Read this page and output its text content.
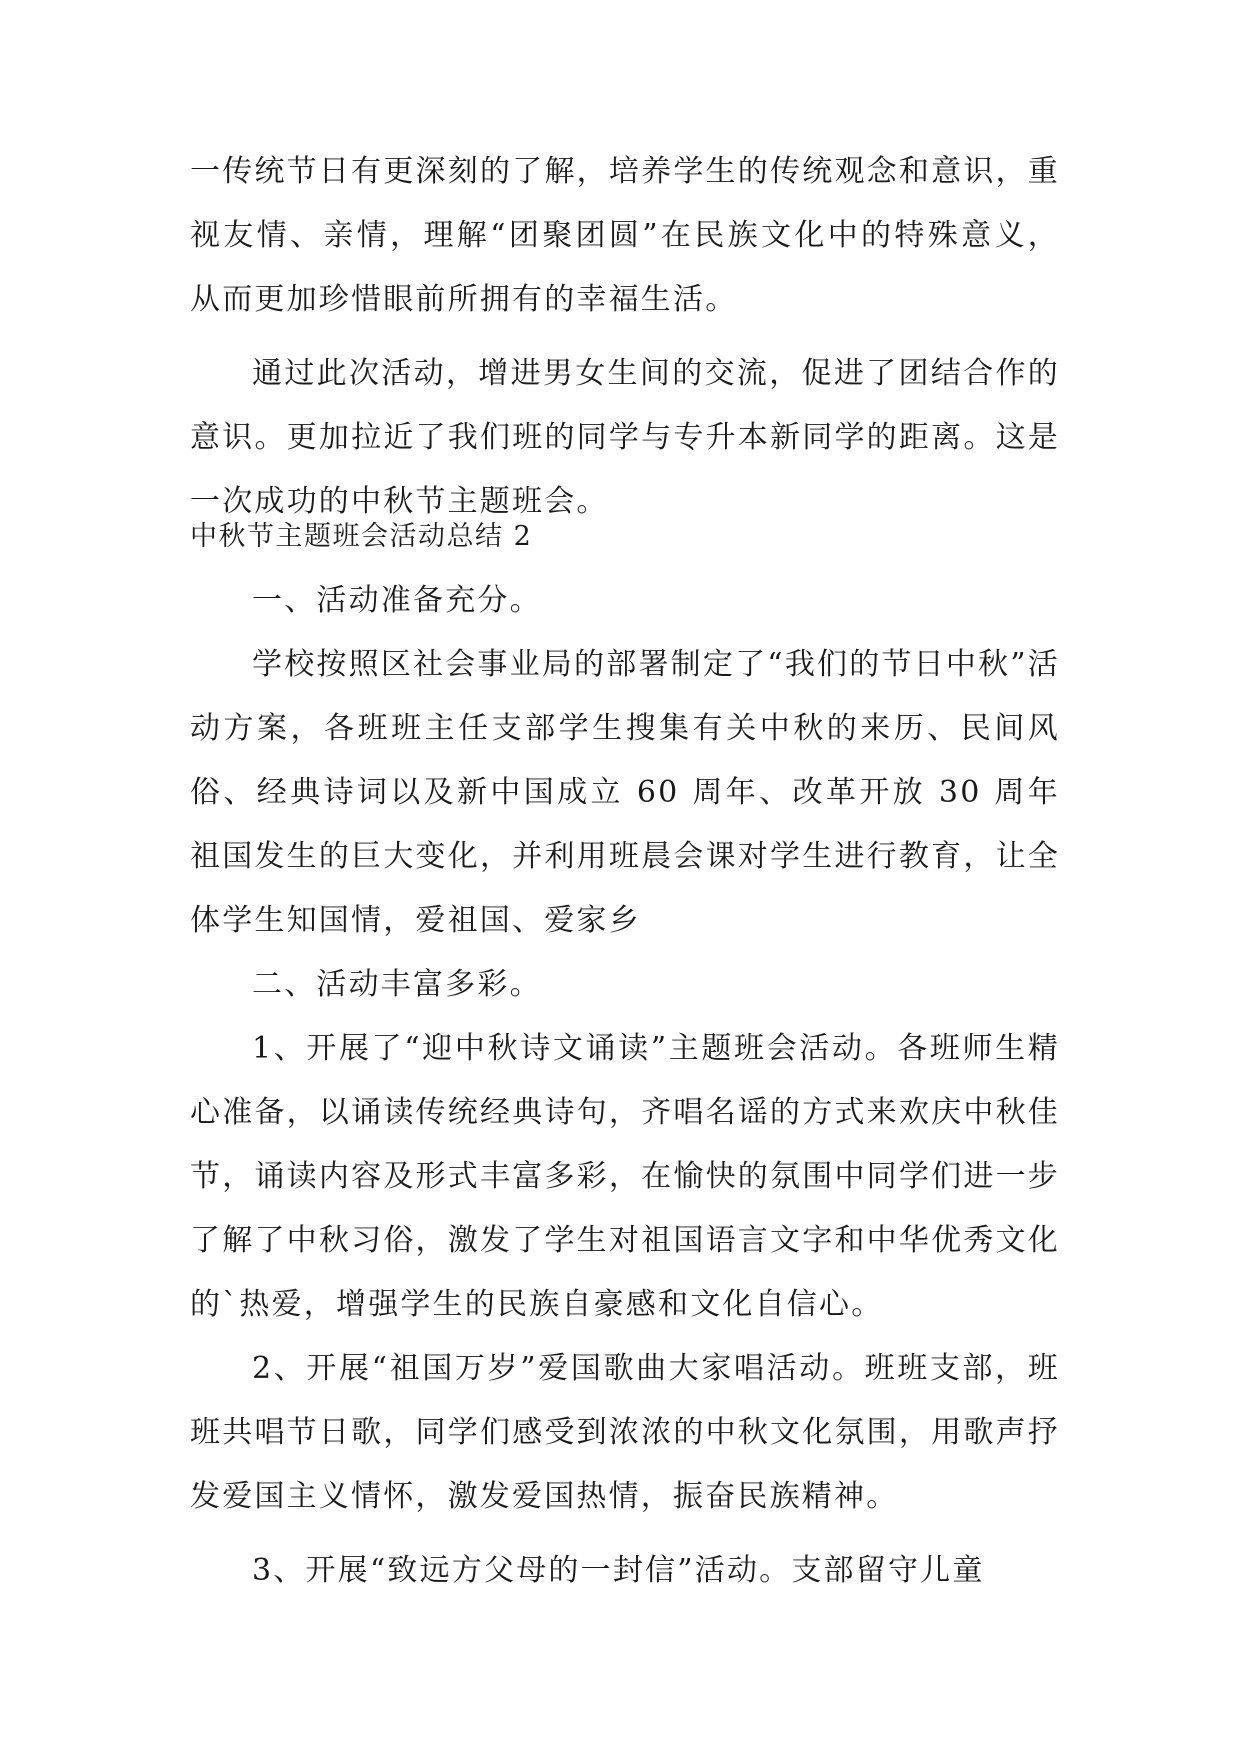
一传统节日有更深刻的了解，培养学生的传统观念和意识，重视友情、亲情，理解“团聚团圆”在民族文化中的特殊意义，从而更加珍惜眼前所拥有的幸福生活。

通过此次活动，增进男女生间的交流，促进了团结合作的意识。更加拉近了我们班的同学与专升本新同学的距离。这是一次成功的中秋节主题班会。

中秋节主题班会活动总结 2

一、活动准备充分。

学校按照区社会事业局的部署制定了“我们的节日中秋”活动方案，各班班主任支部学生搜集有关中秋的来历、民间风俗、经典诗词以及新中国成立 60 周年、改革开放 30 周年祖国发生的巨大变化，并利用班晨会课对学生进行教育，让全体学生知国情，爱祖国、爱家乡

二、活动丰富多彩。

1、开展了“迎中秋诗文诵读”主题班会活动。各班师生精心准备，以诵读传统经典诗句，齐唱名谣的方式来欢庆中秋佳节，诵读内容及形式丰富多彩，在愉快的氛围中同学们进一步了解了中秋习俗，激发了学生对祖国语言文字和中华优秀文化的`热爱，增强学生的民族自豪感和文化自信心。

2、开展“祖国万岁”爱国歌曲大家唱活动。班班支部，班班共唱节日歌，同学们感受到浓浓的中秋文化氛围，用歌声抒发爱国主义情怀，激发爱国热情，振奋民族精神。

3、开展“致远方父母的一封信”活动。支部留守儿童
